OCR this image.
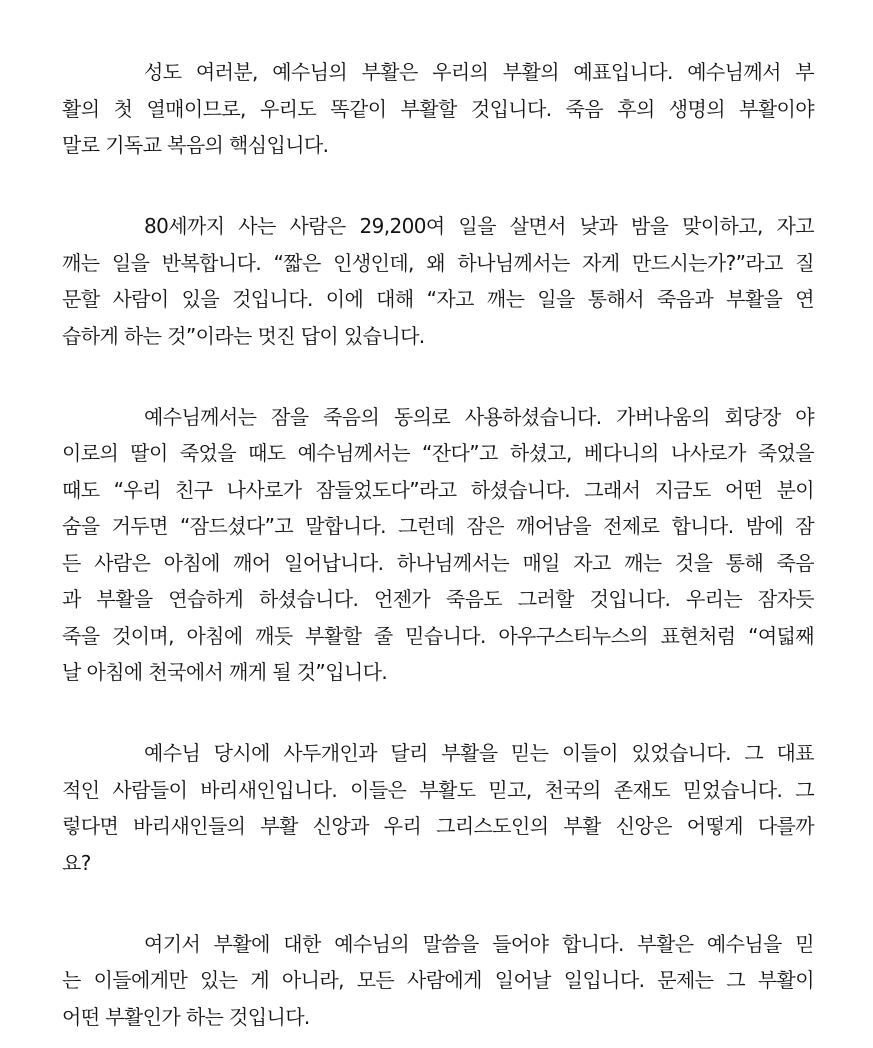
성도 여러분, 예수님의 부활은 우리의 부활의 예표입니다. 예수님께서 부
활의 첫 열매이므로, 우리도 똑같이 부활할 것입니다. 죽음 후의 생명의 부활이야
말로 기독교 복음의 핵심입니다.
80세까지 사는 사람은 29,200여 일을 살면서 낮과 밤을 맞이하고, 자고
깨는 일을 반복합니다. “짧은 인생인데, 왜 하나님께서는 자게 만드시는가?”라고 질
문할 사람이 있을 것입니다. 이에 대해 “자고 깨는 일을 통해서 죽음과 부활을 연
습하게 하는 것”이라는 멋진 답이 있습니다.
예수님께서는 잠을 죽음의 동의로 사용하셨습니다. 가버나움의 회당장 야
이로의 딸이 죽었을 때도 예수님께서는 “잔다”고 하셨고, 베다니의 나사로가 죽었을
때도 “우리 친구 나사로가 잠들었도다”라고 하셨습니다. 그래서 지금도 어떤 분이
숨을 거두면 “잠드셨다”고 말합니다. 그런데 잠은 깨어남을 전제로 합니다. 밤에 잠
든 사람은 아침에 깨어 일어납니다. 하나님께서는 매일 자고 깨는 것을 통해 죽음
과 부활을 연습하게 하셨습니다. 언젠가 죽음도 그러할 것입니다. 우리는 잠자듯
죽을 것이며, 아침에 깨듯 부활할 줄 믿습니다. 아우구스티누스의 표현처럼 “여덟째
날 아침에 천국에서 깨게 될 것”입니다.
예수님 당시에 사두개인과 달리 부활을 믿는 이들이 있었습니다. 그 대표
적인 사람들이 바리새인입니다. 이들은 부활도 믿고, 천국의 존재도 믿었습니다. 그
렇다면 바리새인들의 부활 신앙과 우리 그리스도인의 부활 신앙은 어떻게 다를까
요?
여기서 부활에 대한 예수님의 말씀을 들어야 합니다. 부활은 예수님을 믿
는 이들에게만 있는 게 아니라, 모든 사람에게 일어날 일입니다. 문제는 그 부활이
어떤 부활인가 하는 것입니다.
